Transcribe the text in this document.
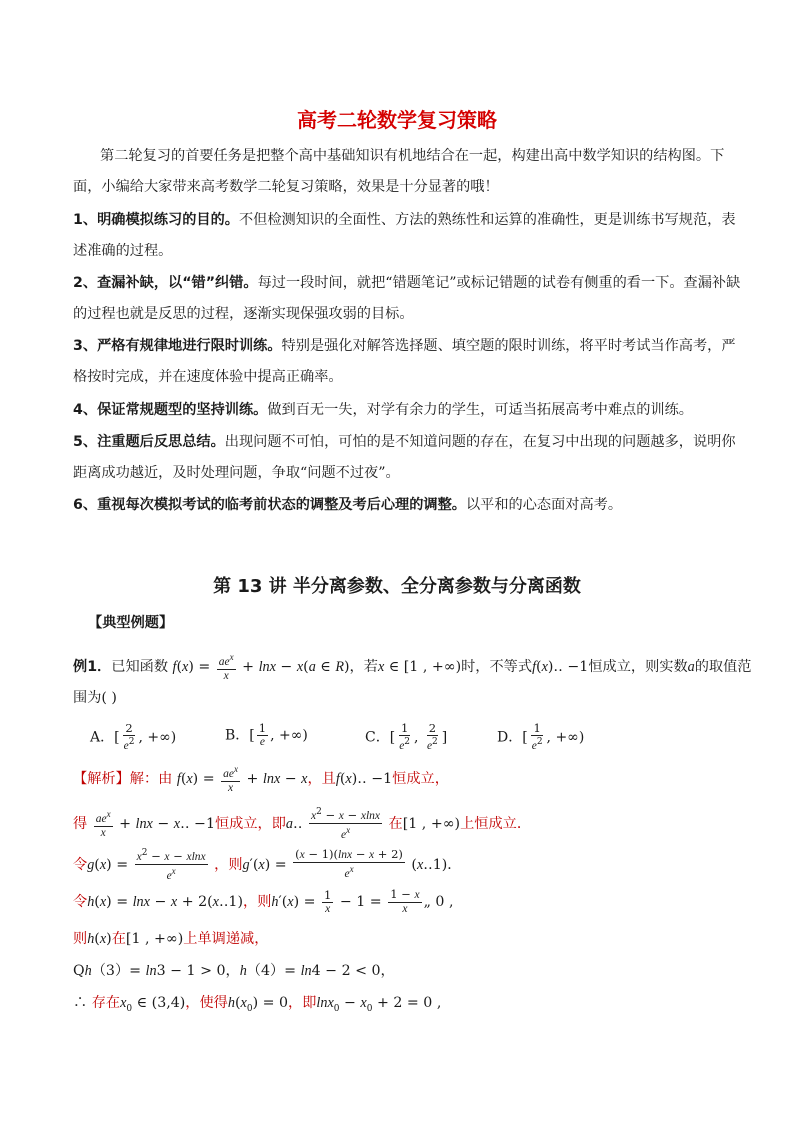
高考二轮数学复习策略
第二轮复习的首要任务是把整个高中基础知识有机地结合在一起，构建出高中数学知识的结构图。下
面，小编给大家带来高考数学二轮复习策略，效果是十分显著的哦！
1、明确模拟练习的目的。不但检测知识的全面性、方法的熟练性和运算的准确性，更是训练书写规范，表
述准确的过程。
2、查漏补缺，以“错”纠错。每过一段时间，就把“错题笔记”或标记错题的试卷有侧重的看一下。查漏补缺
的过程也就是反思的过程，逐渐实现保强攻弱的目标。
3、严格有规律地进行限时训练。特别是强化对解答选择题、填空题的限时训练，将平时考试当作高考，严
格按时完成，并在速度体验中提高正确率。
4、保证常规题型的坚持训练。做到百无一失，对学有余力的学生，可适当拓展高考中难点的训练。
5、注重题后反思总结。出现问题不可怕，可怕的是不知道问题的存在，在复习中出现的问题越多，说明你
距离成功越近，及时处理问题，争取“问题不过夜”。
6、重视每次模拟考试的临考前状态的调整及考后心理的调整。以平和的心态面对高考。
第 13 讲 半分离参数、全分离参数与分离函数
【典型例题】
例1．已知函数 $f(x) = \frac{ae^x}{x} + \ln x - x(a$ ∈ R)，若x ∈ [1 , +∞)时，不等式f(x)‥ −1恒成立，则实数a的取值范
围为( )
A．[ $\frac{2}{e^2}$ , +∞)	B．[ $\frac{1}{e}$ , +∞)	C．[ $\frac{1}{e^2}$ , $\frac{2}{e^2}$ ]	D．[ $\frac{1}{e^2}$ , +∞)
【解析】解：由 $f(x) = \frac{ae^x}{x} + \ln x - x$，且f(x)‥ −1恒成立，
得 $\frac{ae^x}{x} + \ln x$ − x‥ −1恒成立，即a‥ $\frac{x^2 - x - xlnx}{e^x}$ 在[1 , +∞)上恒成立．
令$g(x) = \frac{x^2 - x - xlnx}{e^x}$ ，则$g'(x) = \frac{(x - 1)(\ln x - x + 2)}{e^x}$ (x‥1)．
令h(x) = lnx − x + 2(x‥1)，则$h'(x) = \frac{1}{x} - 1 = \frac{1 - x}{x}$ „ 0 ,
则h(x)在[1 , +∞)上单调递减，
Qh（3）= ln3 − 1 > 0，h（4）= ln4 − 2 < 0，
∴ 存在$x_0$ ∈ (3,4)，使得$h(x_0) = 0$，即$\ln x_0 - x_0 + 2 = 0$ ,
